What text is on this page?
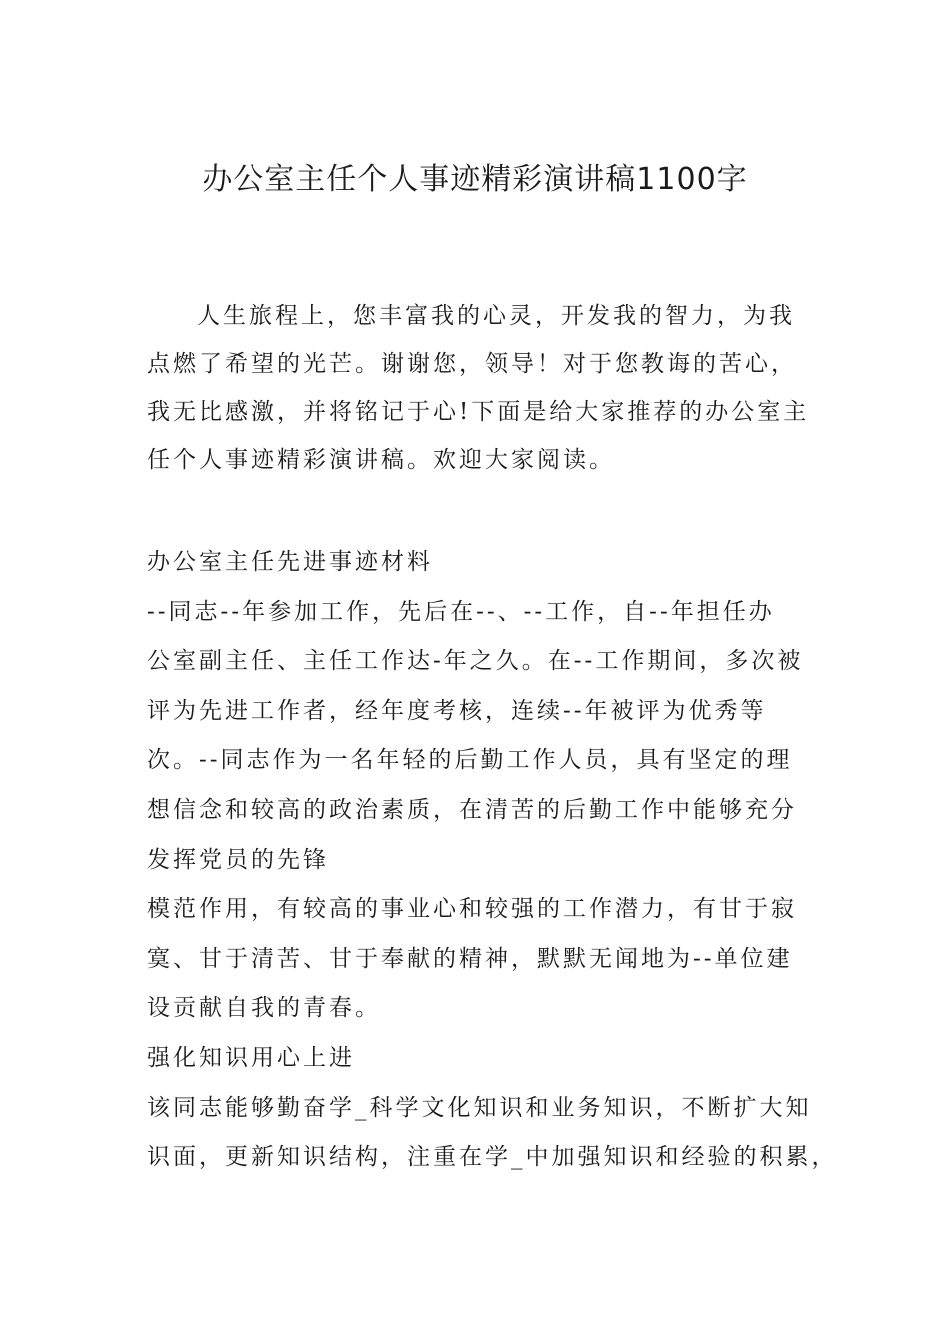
办公室主任个人事迹精彩演讲稿1100字
人生旅程上，您丰富我的心灵，开发我的智力，为我
点燃了希望的光芒。谢谢您，领导！对于您教诲的苦心，
我无比感激，并将铭记于心!下面是给大家推荐的办公室主
任个人事迹精彩演讲稿。欢迎大家阅读。
办公室主任先进事迹材料
--同志--年参加工作，先后在--、--工作，自--年担任办
公室副主任、主任工作达-年之久。在--工作期间，多次被
评为先进工作者，经年度考核，连续--年被评为优秀等
次。--同志作为一名年轻的后勤工作人员，具有坚定的理
想信念和较高的政治素质，在清苦的后勤工作中能够充分
发挥党员的先锋
模范作用，有较高的事业心和较强的工作潜力，有甘于寂
寞、甘于清苦、甘于奉献的精神，默默无闻地为--单位建
设贡献自我的青春。
强化知识用心上进
该同志能够勤奋学_科学文化知识和业务知识，不断扩大知
识面，更新知识结构，注重在学_中加强知识和经验的积累，
